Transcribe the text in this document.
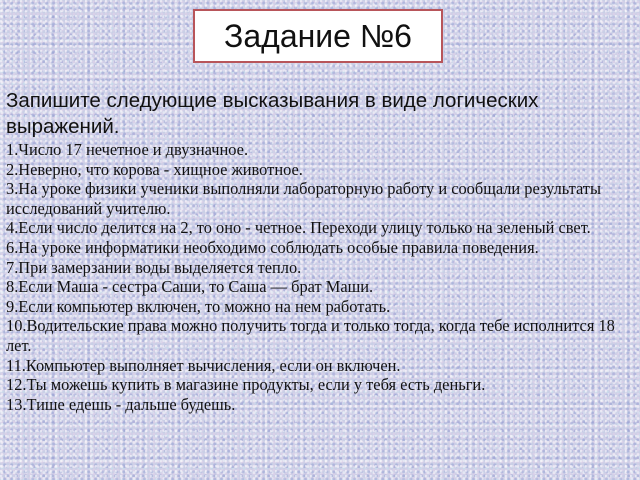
Задание №6
Запишите следующие высказывания в виде логических выражений.
1.Число 17 нечетное и двузначное.
2.Неверно, что корова - хищное животное.
3.На уроке физики ученики выполняли лабораторную работу и сообщали результаты исследований учителю.
4.Если число делится на 2, то оно - четное. Переходи улицу только на зеленый свет.
6.На уроке информатики необходимо соблюдать особые правила поведения.
7.При замерзании воды выделяется тепло.
8.Если Маша - сестра Саши, то Саша — брат Маши.
9.Если компьютер включен, то можно на нем работать.
10.Водительские права можно получить тогда и только тогда, когда тебе исполнится 18 лет.
11.Компьютер выполняет вычисления, если он включен.
12.Ты можешь купить в магазине продукты, если у тебя есть деньги.
13.Тише едешь - дальше будешь.
